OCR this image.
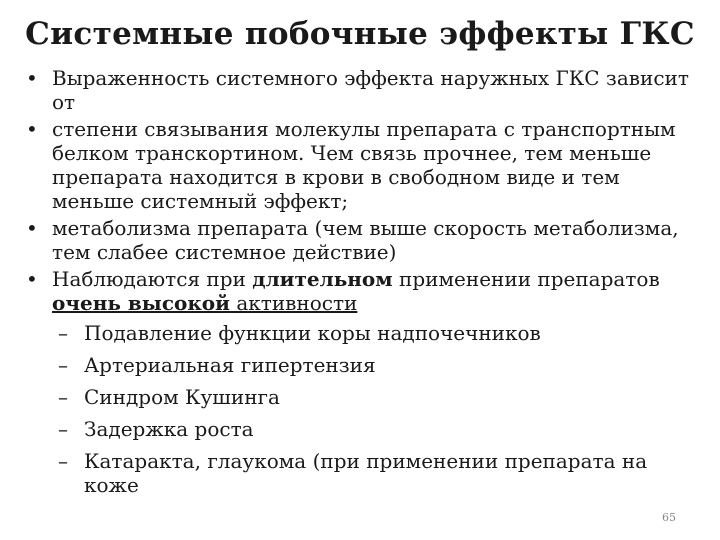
Системные побочные эффекты ГКС
• Выраженность системного эффекта наружных ГКС зависит от
• степени связывания молекулы препарата с транспортным белком транскортином. Чем связь прочнее, тем меньше препарата находится в крови в свободном виде и тем меньше системный эффект;
• метаболизма препарата (чем выше скорость метаболизма, тем слабее системное действие)
• Наблюдаются при длительном применении препаратов очень высокой активности
– Подавление функции коры надпочечников
– Артериальная гипертензия
– Синдром Кушинга
– Задержка роста
– Катаракта, глаукома (при применении препарата на коже
65
